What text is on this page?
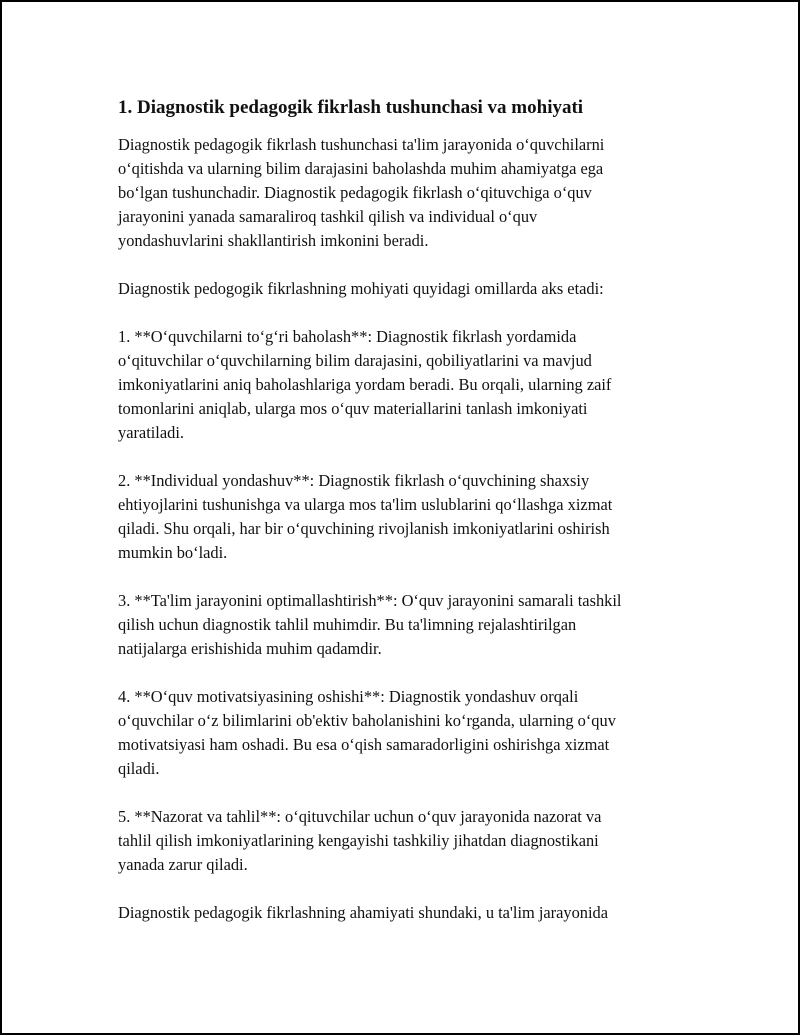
1. Diagnostik pedagogik fikrlash tushunchasi va mohiyati

Diagnostik pedagogik fikrlash tushunchasi ta'lim jarayonida oʻquvchilarni
oʻqitishda va ularning bilim darajasini baholashda muhim ahamiyatga ega
boʻlgan tushunchadir. Diagnostik pedagogik fikrlash oʻqituvchiga oʻquv
jarayonini yanada samaraliroq tashkil qilish va individual oʻquv
yondashuvlarini shakllantirish imkonini beradi.

Diagnostik pedogogik fikrlashning mohiyati quyidagi omillarda aks etadi:

1. **Oʻquvchilarni toʻgʻri baholash**: Diagnostik fikrlash yordamida
oʻqituvchilar oʻquvchilarning bilim darajasini, qobiliyatlarini va mavjud
imkoniyatlarini aniq baholashlariga yordam beradi. Bu orqali, ularning zaif
tomonlarini aniqlab, ularga mos oʻquv materiallarini tanlash imkoniyati
yaratiladi.

2. **Individual yondashuv**: Diagnostik fikrlash oʻquvchining shaxsiy
ehtiyojlarini tushunishga va ularga mos ta'lim uslublarini qoʻllashga xizmat
qiladi. Shu orqali, har bir oʻquvchining rivojlanish imkoniyatlarini oshirish
mumkin boʻladi.

3. **Ta'lim jarayonini optimallashtirish**: Oʻquv jarayonini samarali tashkil
qilish uchun diagnostik tahlil muhimdir. Bu ta'limning rejalashtirilgan
natijalarga erishishida muhim qadamdir.

4. **Oʻquv motivatsiyasining oshishi**: Diagnostik yondashuv orqali
oʻquvchilar oʻz bilimlarini ob'ektiv baholanishini koʻrganda, ularning oʻquv
motivatsiyasi ham oshadi. Bu esa oʻqish samaradorligini oshirishga xizmat
qiladi.

5. **Nazorat va tahlil**: oʻqituvchilar uchun oʻquv jarayonida nazorat va
tahlil qilish imkoniyatlarining kengayishi tashkiliy jihatdan diagnostikani
yanada zarur qiladi.

Diagnostik pedagogik fikrlashning ahamiyati shundaki, u ta'lim jarayonida
